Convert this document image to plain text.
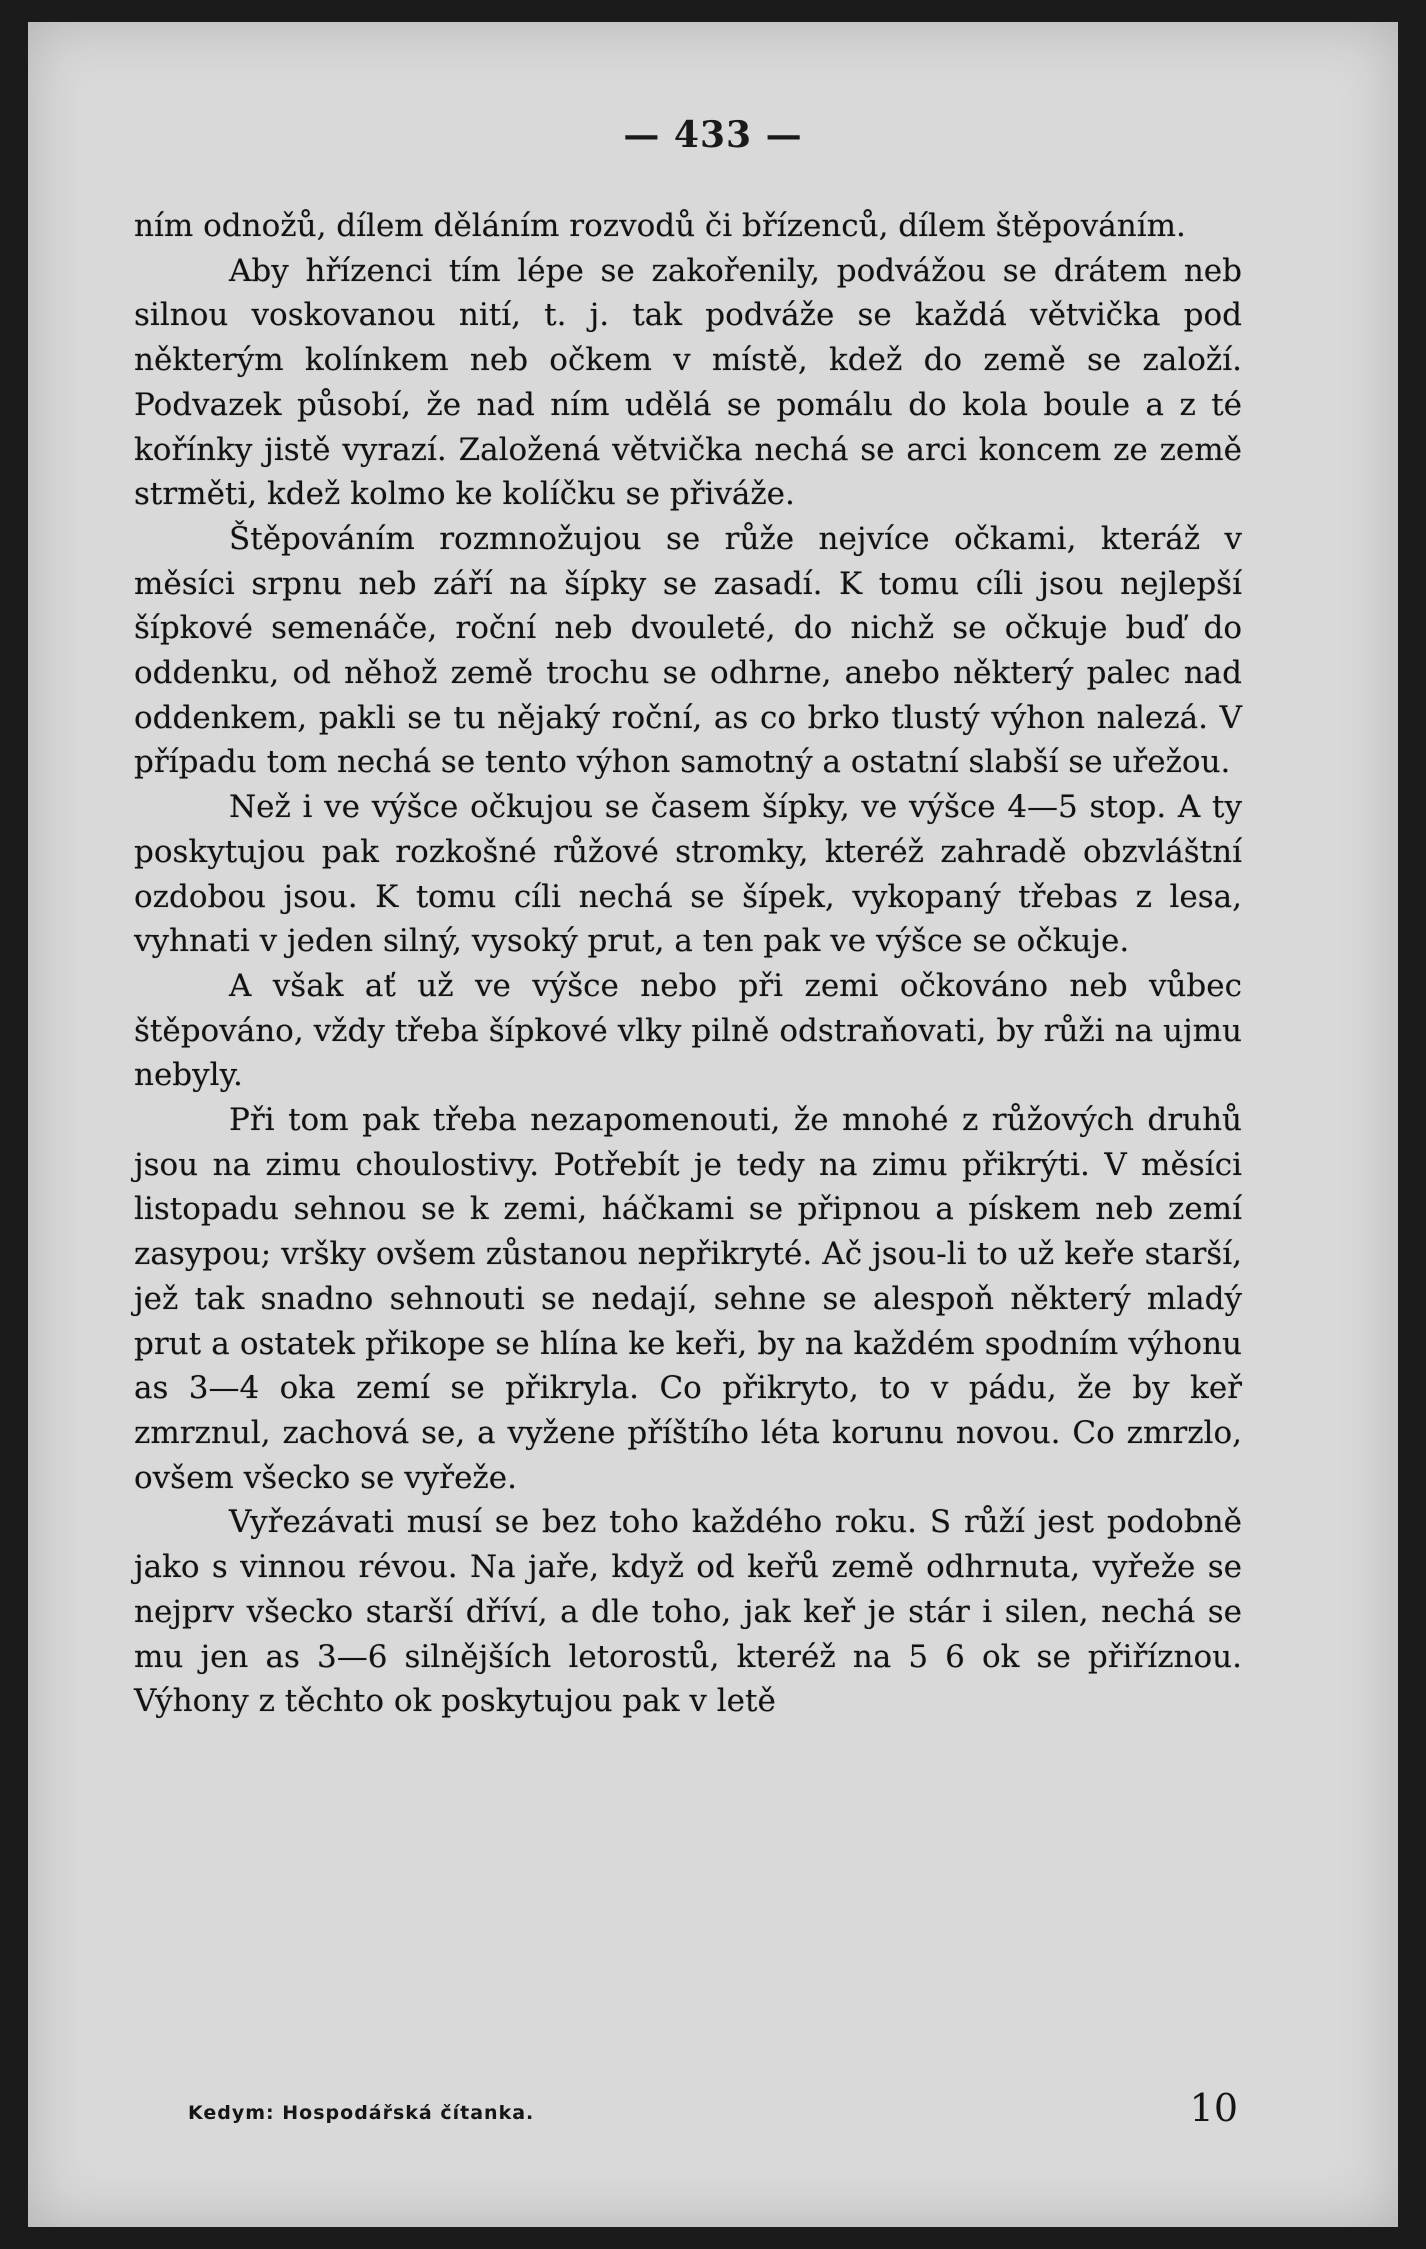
— 433 —

ním odnožů, dílem děláním rozvodů či břízenců, dílem štěpováním.

Aby hřízenci tím lépe se zakořenily, podvážou se drátem neb silnou voskovanou nití, t. j. tak podváže se každá větvička pod některým kolínkem neb očkem v místě, kdež do země se založí. Podvazek působí, že nad ním udělá se pomálu do kola boule a z té kořínky jistě vyrazí. Založená větvička nechá se arci koncem ze země strměti, kdež kolmo ke kolíčku se přiváže.

Štěpováním rozmnožujou se růže nejvíce očkami, kteráž v měsíci srpnu neb září na šípky se zasadí. K tomu cíli jsou nejlepší šípkové semenáče, roční neb dvouleté, do nichž se očkuje buď do oddenku, od něhož země trochu se odhrne, anebo některý palec nad oddenkem, pakli se tu nějaký roční, as co brko tlustý výhon nalezá. V případu tom nechá se tento výhon samotný a ostatní slabší se uřežou.

Než i ve výšce očkujou se časem šípky, ve výšce 4—5 stop. A ty poskytujou pak rozkošné růžové stromky, kteréž zahradě obzvláštní ozdobou jsou. K tomu cíli nechá se šípek, vykopaný třebas z lesa, vyhnati v jeden silný, vysoký prut, a ten pak ve výšce se očkuje.

A však ať už ve výšce nebo při zemi očkováno neb vůbec štěpováno, vždy třeba šípkové vlky pilně odstraňovati, by růži na ujmu nebyly.

Při tom pak třeba nezapomenouti, že mnohé z růžových druhů jsou na zimu choulostivy. Potřebít je tedy na zimu přikrýti. V měsíci listopadu sehnou se k zemi, háčkami se připnou a pískem neb zemí zasypou; vršky ovšem zůstanou nepřikryté. Ač jsou-li to už keře starší, jež tak snadno sehnouti se nedají, sehne se alespoň některý mladý prut a ostatek přikope se hlína ke keři, by na každém spodním výhonu as 3—4 oka zemí se přikryla. Co přikryto, to v pádu, že by keř zmrznul, zachová se, a vyžene příštího léta korunu novou. Co zmrzlo, ovšem všecko se vyřeže.

Vyřezávati musí se bez toho každého roku. S růží jest podobně jako s vinnou révou. Na jaře, když od keřů země odhrnuta, vyřeže se nejprv všecko starší dříví, a dle toho, jak keř je stár i silen, nechá se mu jen as 3—6 silnějších letorostů, kteréž na 5 6 ok se přiříznou. Výhony z těchto ok poskytujou pak v letě

Kedym: Hospodářská čítanka.	10
